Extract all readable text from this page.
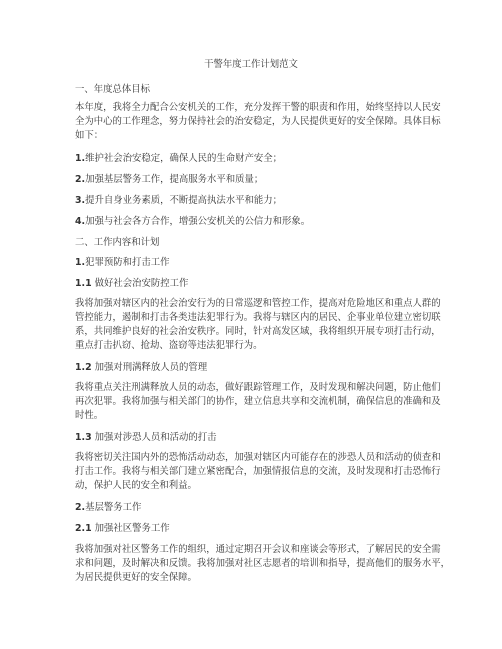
干警年度工作计划范文
一、年度总体目标
本年度，我将全力配合公安机关的工作，充分发挥干警的职责和作用，始终坚持以人民安
全为中心的工作理念，努力保持社会的治安稳定，为人民提供更好的安全保障。具体目标
如下：
1.维护社会治安稳定，确保人民的生命财产安全；
2.加强基层警务工作，提高服务水平和质量；
3.提升自身业务素质，不断提高执法水平和能力；
4.加强与社会各方合作，增强公安机关的公信力和形象。
二、工作内容和计划
1.犯罪预防和打击工作
1.1 做好社会治安防控工作
我将加强对辖区内的社会治安行为的日常巡逻和管控工作，提高对危险地区和重点人群的
管控能力，遏制和打击各类违法犯罪行为。我将与辖区内的居民、企事业单位建立密切联
系，共同维护良好的社会治安秩序。同时，针对高发区域，我将组织开展专项打击行动，
重点打击扒窃、抢劫、盗窃等违法犯罪行为。
1.2 加强对刑满释放人员的管理
我将重点关注刑满释放人员的动态，做好跟踪管理工作，及时发现和解决问题，防止他们
再次犯罪。我将加强与相关部门的协作，建立信息共享和交流机制，确保信息的准确和及
时性。
1.3 加强对涉恐人员和活动的打击
我将密切关注国内外的恐怖活动动态，加强对辖区内可能存在的涉恐人员和活动的侦查和
打击工作。我将与相关部门建立紧密配合，加强情报信息的交流，及时发现和打击恐怖行
动，保护人民的安全和利益。
2.基层警务工作
2.1 加强社区警务工作
我将加强对社区警务工作的组织，通过定期召开会议和座谈会等形式，了解居民的安全需
求和问题，及时解决和反馈。我将加强对社区志愿者的培训和指导，提高他们的服务水平，
为居民提供更好的安全保障。
